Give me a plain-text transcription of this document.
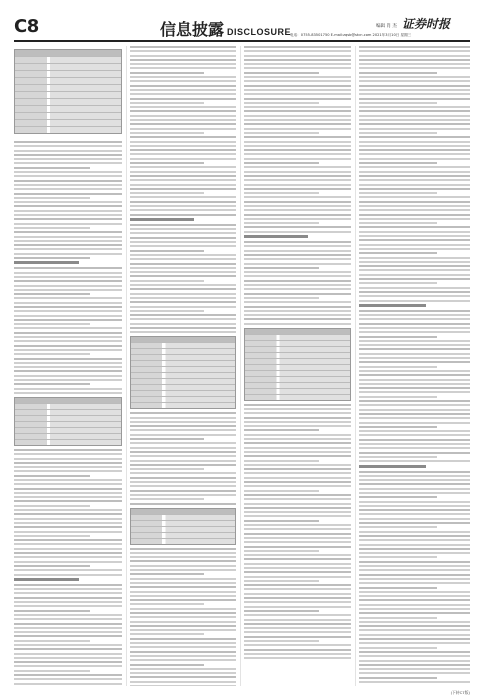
C8	信息披露 DISCLOSURE
编辑 肖 杰 证券时报
电话：0755-83501750 E-mail:zqsb@stcn.com 2021年3月10日 星期三
(下转C7版)
